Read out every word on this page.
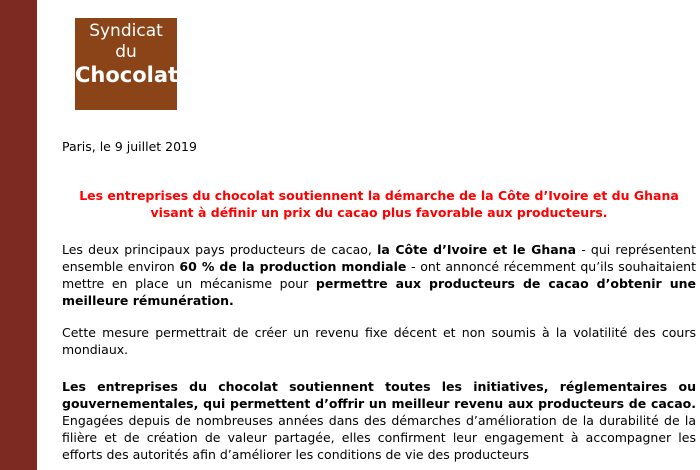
Syndicat
du
Chocolat
Paris, le 9 juillet 2019
Les entreprises du chocolat soutiennent la démarche de la Côte d’Ivoire et du Ghana
visant à définir un prix du cacao plus favorable aux producteurs.

Les deux principaux pays producteurs de cacao, la Côte d’Ivoire et le Ghana - qui représentent ensemble environ 60 % de la production mondiale - ont annoncé récemment qu’ils souhaitaient mettre en place un mécanisme pour permettre aux producteurs de cacao d’obtenir une meilleure rémunération.

Cette mesure permettrait de créer un revenu fixe décent et non soumis à la volatilité des cours mondiaux.

Les entreprises du chocolat soutiennent toutes les initiatives, réglementaires ou gouvernementales, qui permettent d’offrir un meilleur revenu aux producteurs de cacao. Engagées depuis de nombreuses années dans des démarches d’amélioration de la durabilité de la filière et de création de valeur partagée, elles confirment leur engagement à accompagner les efforts des autorités afin d’améliorer les conditions de vie des producteurs
